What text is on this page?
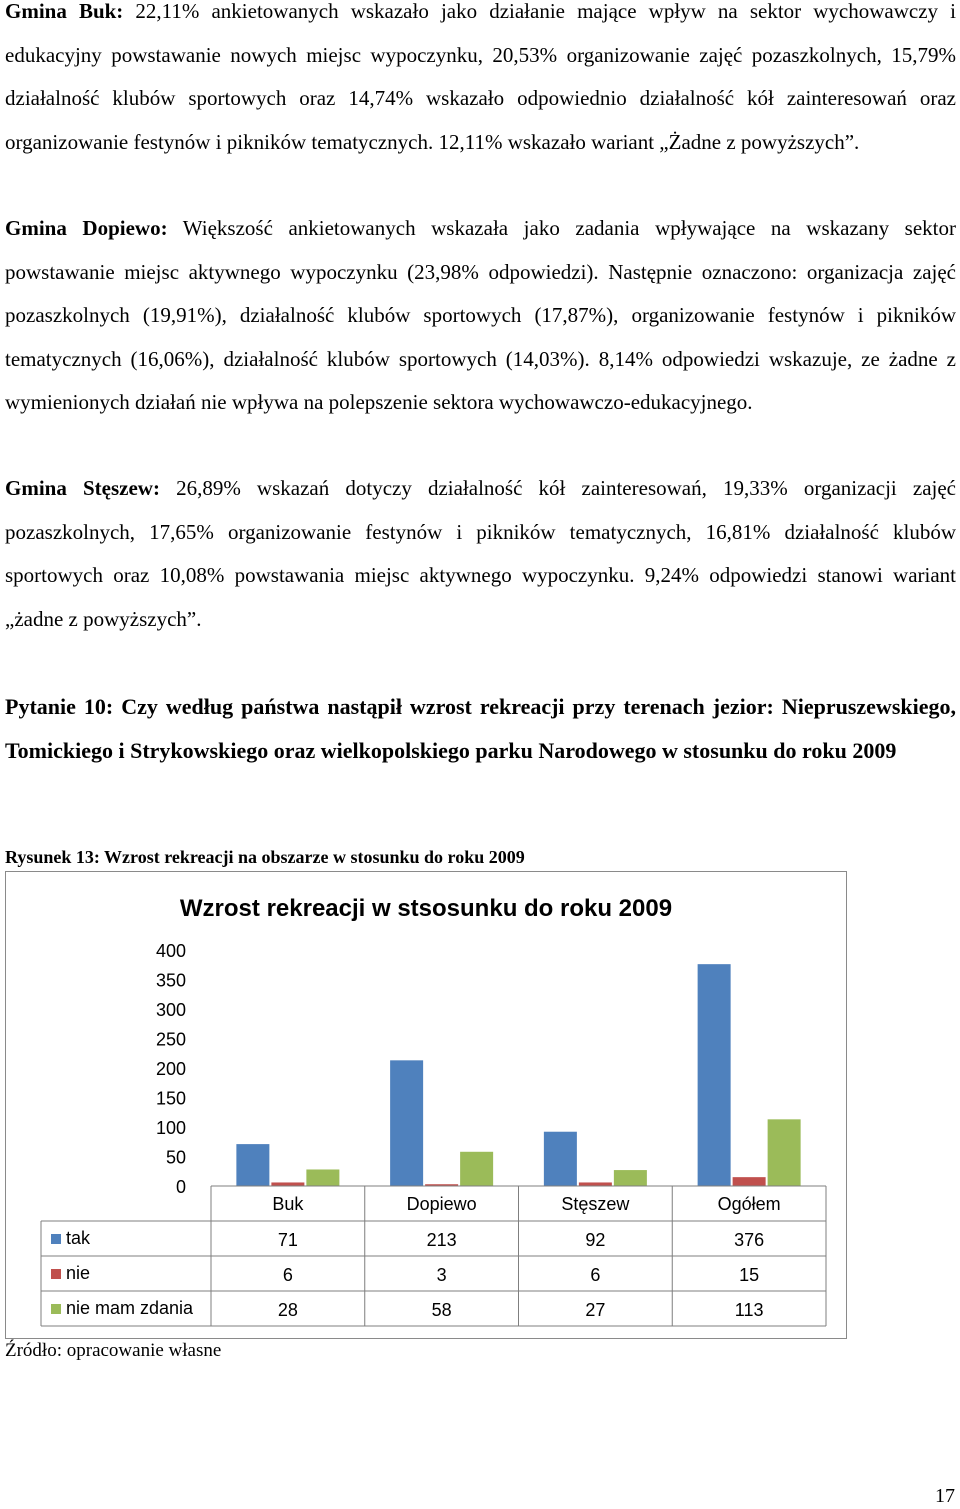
Gmina Buk: 22,11% ankietowanych wskazało jako działanie mające wpływ na sektor wychowawczy i edukacyjny powstawanie nowych miejsc wypoczynku, 20,53% organizowanie zajęć pozaszkolnych, 15,79% działalność klubów sportowych oraz 14,74% wskazało odpowiednio działalność kół zainteresowań oraz organizowanie festynów i pikników tematycznych. 12,11% wskazało wariant „Żadne z powyższych”.
Gmina Dopiewo: Większość ankietowanych wskazała jako zadania wpływające na wskazany sektor powstawanie miejsc aktywnego wypoczynku (23,98% odpowiedzi). Następnie oznaczono: organizacja zajęć pozaszkolnych (19,91%), działalność klubów sportowych (17,87%), organizowanie festynów i pikników tematycznych (16,06%), działalność klubów sportowych (14,03%). 8,14% odpowiedzi wskazuje, ze żadne z wymienionych działań nie wpływa na polepszenie sektora wychowawczo-edukacyjnego.
Gmina Stęszew: 26,89% wskazań dotyczy działalność kół zainteresowań, 19,33% organizacji zajęć pozaszkolnych, 17,65% organizowanie festynów i pikników tematycznych, 16,81% działalność klubów sportowych oraz 10,08% powstawania miejsc aktywnego wypoczynku. 9,24% odpowiedzi stanowi wariant „żadne z powyższych”.
Pytanie 10: Czy według państwa nastąpił wzrost rekreacji przy terenach jezior: Niepruszewskiego, Tomickiego i Strykowskiego oraz wielkopolskiego parku Narodowego w stosunku do roku 2009
Rysunek 13: Wzrost rekreacji na obszarze w stosunku do roku 2009
Wzrost rekreacji w stsosunku do roku 2009
0
50
100
150
200
250
300
350
400
Buk	Dopiewo	Stęszew	Ogółem
tak	71	213	92	376
nie	6	3	6	15
nie mam zdania	28	58	27	113
Źródło: opracowanie własne
17
